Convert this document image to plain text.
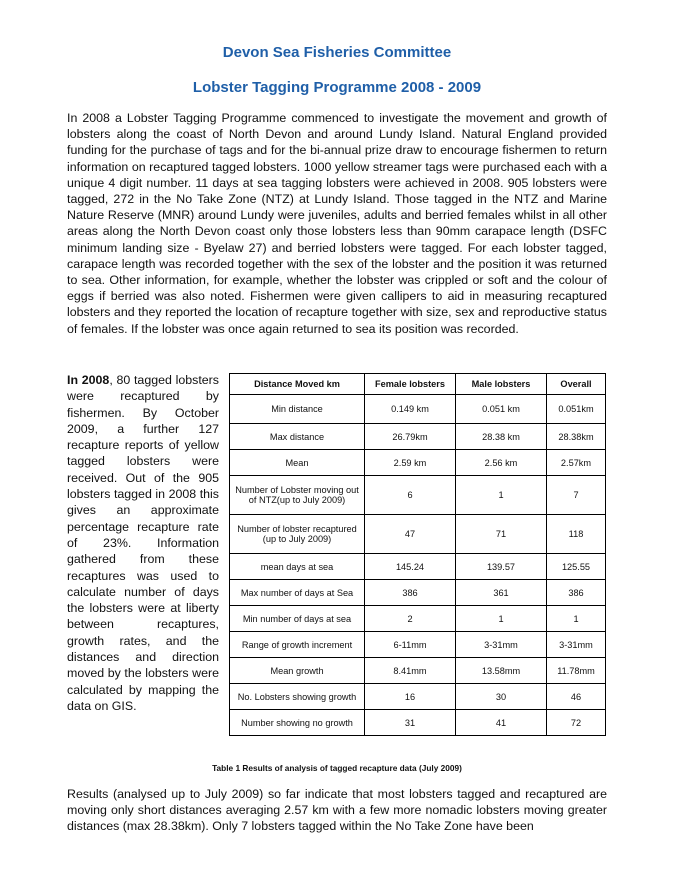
Devon Sea Fisheries Committee
Lobster Tagging Programme 2008 - 2009
In 2008 a Lobster Tagging Programme commenced to investigate the movement and growth of lobsters along the coast of North Devon and around Lundy Island. Natural England provided funding for the purchase of tags and for the bi-annual prize draw to encourage fishermen to return information on recaptured tagged lobsters. 1000 yellow streamer tags were purchased each with a unique 4 digit number. 11 days at sea tagging lobsters were achieved in 2008. 905 lobsters were tagged, 272 in the No Take Zone (NTZ) at Lundy Island. Those tagged in the NTZ and Marine Nature Reserve (MNR) around Lundy were juveniles, adults and berried females whilst in all other areas along the North Devon coast only those lobsters less than 90mm carapace length (DSFC minimum landing size - Byelaw 27) and berried lobsters were tagged. For each lobster tagged, carapace length was recorded together with the sex of the lobster and the position it was returned to sea. Other information, for example, whether the lobster was crippled or soft and the colour of eggs if berried was also noted. Fishermen were given callipers to aid in measuring recaptured lobsters and they reported the location of recapture together with size, sex and reproductive status of females. If the lobster was once again returned to sea its position was recorded.
In 2008, 80 tagged lobsters were recaptured by fishermen. By October 2009, a further 127 recapture reports of yellow tagged lobsters were received. Out of the 905 lobsters tagged in 2008 this gives an approximate percentage recapture rate of 23%. Information gathered from these recaptures was used to calculate number of days the lobsters were at liberty between recaptures, growth rates, and the distances and direction moved by the lobsters were calculated by mapping the data on GIS.
Distance Moved km	Female lobsters	Male lobsters	Overall
Min distance	0.149 km	0.051 km	0.051km
Max distance	26.79km	28.38 km	28.38km
Mean	2.59 km	2.56 km	2.57km
Number of Lobster moving out of NTZ(up to July 2009)	6	1	7
Number of lobster recaptured (up to July 2009)	47	71	118
mean days at sea	145.24	139.57	125.55
Max number of days at Sea	386	361	386
Min number of days at sea	2	1	1
Range of growth increment	6-11mm	3-31mm	3-31mm
Mean growth	8.41mm	13.58mm	11.78mm
No. Lobsters showing growth	16	30	46
Number showing no growth	31	41	72
Table 1 Results of analysis of tagged recapture data (July 2009)
Results (analysed up to July 2009) so far indicate that most lobsters tagged and recaptured are moving only short distances averaging 2.57 km with a few more nomadic lobsters moving greater distances (max 28.38km). Only 7 lobsters tagged within the No Take Zone have been
